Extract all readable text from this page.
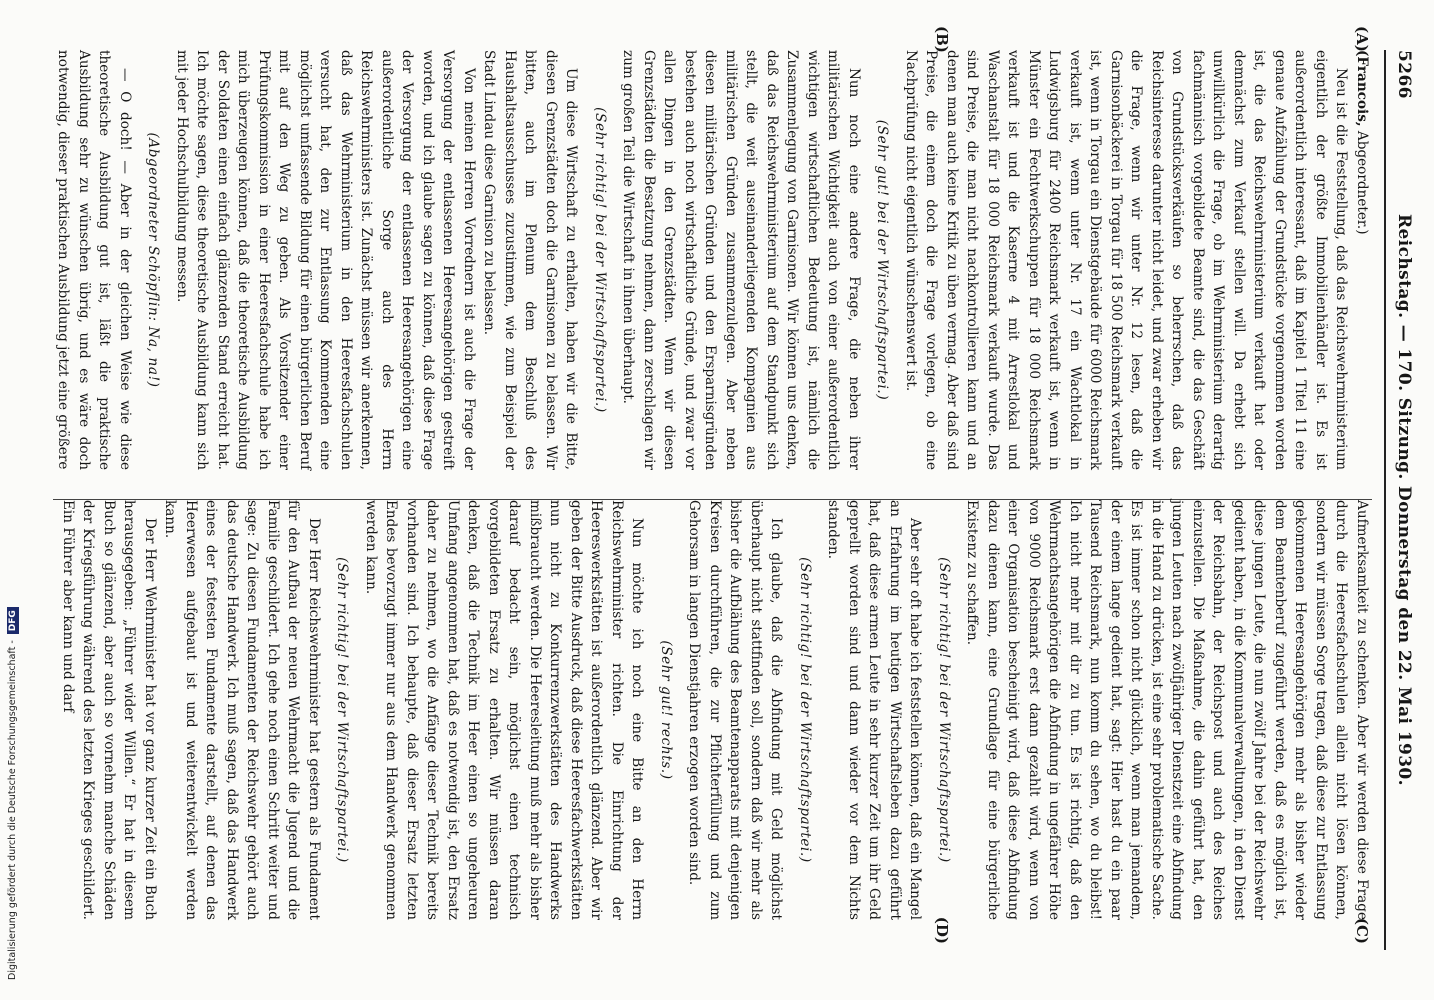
5266
Reichstag. — 170. Sitzung. Donnerstag den 22. Mai 1930.
(A)
(B)

(Francois, Abgeordneter.)

Neu ist die Feststellung, daß das Reichswehrministerium eigentlich der größte Immobilienhändler ist. Es ist außerordentlich interessant, daß im Kapitel 1 Titel 11 eine genaue Aufzählung der Grundstücke vorgenommen worden ist, die das Reichswehrministerium verkauft hat oder demnächst zum Verkauf stellen will. Da erhebt sich unwillkürlich die Frage, ob im Wehrministerium derartig fachmännisch vorgebildete Beamte sind, die das Geschäft von Grundstücksverkäufen so beherrschen, daß das Reichsinteresse darunter nicht leidet, und zwar erheben wir die Frage, wenn wir unter Nr. 12 lesen, daß die Garnisonbäckerei in Torgau für 18 500 Reichsmark verkauft ist, wenn in Torgau ein Dienstgebäude für 6000 Reichsmark verkauft ist, wenn unter Nr. 17 ein Wachtlokal in Ludwigsburg für 2400 Reichsmark verkauft ist, wenn in Münster ein Fechtwerkschuppen für 18 000 Reichsmark verkauft ist und die Kaserne 4 mit Arrestlokal und Waschanstalt für 18 000 Reichsmark verkauft wurde. Das sind Preise, die man nicht nachkontrollieren kann und an denen man auch keine Kritik zu üben vermag. Aber daß sind Preise, die einem doch die Frage vorlegen, ob eine Nachprüfung nicht eigentlich wünschenswert ist.

(Sehr gut! bei der Wirtschaftspartei.)

Nun noch eine andere Frage, die neben ihrer militärischen Wichtigkeit auch von einer außerordentlich wichtigen wirtschaftlichen Bedeutung ist, nämlich die Zusammenlegung von Garnisonen. Wir können uns denken, daß das Reichswehrministerium auf dem Standpunkt sich stellt, die weit auseinanderliegenden Kompagnien aus militärischen Gründen zusammenzulegen. Aber neben diesen militärischen Gründen und den Ersparnisgründen bestehen auch noch wirtschaftliche Gründe, und zwar vor allen Dingen in den Grenzstädten. Wenn wir diesen Grenzstädten die Besatzung nehmen, dann zerschlagen wir zum großen Teil die Wirtschaft in ihnen überhaupt.

(Sehr richtig! bei der Wirtschaftspartei.)

Um diese Wirtschaft zu erhalten, haben wir die Bitte, diesen Grenzstädten doch die Garnisonen zu belassen. Wir bitten, auch im Plenum dem Beschluß des Haushaltsausschusses zuzustimmen, wie zum Beispiel der Stadt Lindau diese Garnison zu belassen.

Von meinen Herren Vorrednern ist auch die Frage der Versorgung der entlassenen Heeresangehörigen gestreift worden, und ich glaube sagen zu können, daß diese Frage der Versorgung der entlassenen Heeresangehörigen eine außerordentliche Sorge auch des Herrn Reichswehrministers ist. Zunächst müssen wir anerkennen, daß das Wehrministerium in den Heeresfachschulen versucht hat, den zur Entlassung Kommenden eine möglichst umfassende Bildung für einen bürgerlichen Beruf mit auf den Weg zu geben. Als Vorsitzender einer Prüfungskommission in einer Heeresfachschule habe ich mich überzeugen können, daß die theoretische Ausbildung der Soldaten einen einfach glänzenden Stand erreicht hat. Ich möchte sagen, diese theoretische Ausbildung kann sich mit jeder Hochschulbildung messen.

(Abgeordneter Schöpflin: Na, na!)

— O doch! — Aber in der gleichen Weise wie diese theoretische Ausbildung gut ist, läßt die praktische Ausbildung sehr zu wünschen übrig, und es wäre doch notwendig, dieser praktischen Ausbildung jetzt eine größere

(C)
(D)

Aufmerksamkeit zu schenken. Aber wir werden diese Frage durch die Heeresfachschulen allein nicht lösen können, sondern wir müssen Sorge tragen, daß diese zur Entlassung gekommenen Heeresangehörigen mehr als bisher wieder dem Beamtenberuf zugeführt werden, daß es möglich ist, diese jungen Leute, die nun zwölf Jahre bei der Reichswehr gedient haben, in die Kommunalverwaltungen, in den Dienst der Reichsbahn, der Reichspost und auch des Reiches einzustellen. Die Maßnahme, die dahin geführt hat, den jungen Leuten nach zwölfjähriger Dienstzeit eine Abfindung in die Hand zu drücken, ist eine sehr problematische Sache. Es ist immer schon nicht glücklich, wenn man jemandem, der einem lange gedient hat, sagt: Hier hast du ein paar Tausend Reichsmark, nun komm du sehen, wo du bleibst! Ich nicht mehr mit dir zu tun. Es ist richtig, daß den Wehrmachtsangehörigen die Abfindung in ungefährer Höhe von 9000 Reichsmark erst dann gezahlt wird, wenn von einer Organisation bescheinigt wird, daß diese Abfindung dazu dienen kann, eine Grundlage für eine bürgerliche Existenz zu schaffen.

(Sehr richtig! bei der Wirtschaftspartei.)

Aber sehr oft habe ich feststellen können, daß ein Mangel an Erfahrung im heutigen Wirtschaftsleben dazu geführt hat, daß diese armen Leute in sehr kurzer Zeit um ihr Geld geprellt worden sind und dann wieder vor dem Nichts standen.

(Sehr richtig! bei der Wirtschaftspartei.)

Ich glaube, daß die Abfindung mit Geld möglichst überhaupt nicht stattfinden soll, sondern daß wir mehr als bisher die Aufblähung des Beamtenapparats mit denjenigen Kreisen durchführen, die zur Pflichterfüllung und zum Gehorsam in langen Dienstjahren erzogen worden sind.

(Sehr gut! rechts.)

Nun möchte ich noch eine Bitte an den Herrn Reichswehrminister richten. Die Einrichtung der Heereswerkstätten ist außerordentlich glänzend. Aber wir geben der Bitte Ausdruck, daß diese Heeresfachwerkstätten nun nicht zu Konkurrenzwerkstätten des Handwerks mißbraucht werden. Die Heeresleitung muß mehr als bisher darauf bedacht sein, möglichst einen technisch vorgebildeten Ersatz zu erhalten. Wir müssen daran denken, daß die Technik im Heer einen so ungeheuren Umfang angenommen hat, daß es notwendig ist, den Ersatz daher zu nehmen, wo die Anfänge dieser Technik bereits vorhanden sind. Ich behaupte, daß dieser Ersatz letzten Endes bevorzugt immer nur aus dem Handwerk genommen werden kann.

(Sehr richtig! bei der Wirtschaftspartei.)

Der Herr Reichswehrminister hat gestern als Fundament für den Aufbau der neuen Wehrmacht die Jugend und die Familie geschildert. Ich gehe noch einen Schritt weiter und sage: Zu diesen Fundamenten der Reichswehr gehört auch das deutsche Handwerk. Ich muß sagen, daß das Handwerk eines der festesten Fundamente darstellt, auf denen das Heerwesen aufgebaut ist und weiterentwickelt werden kann.

Der Herr Wehrminister hat vor ganz kurzer Zeit ein Buch herausgegeben: „Führer wider Willen.“ Er hat in diesem Buch so glänzend, aber auch so vornehm manche Schäden der Kriegsführung während des letzten Krieges geschildert. Ein Führer aber kann und darf

Digitalisierung gefördert durch die Deutsche Forschungsgemeinschaft -DFG
